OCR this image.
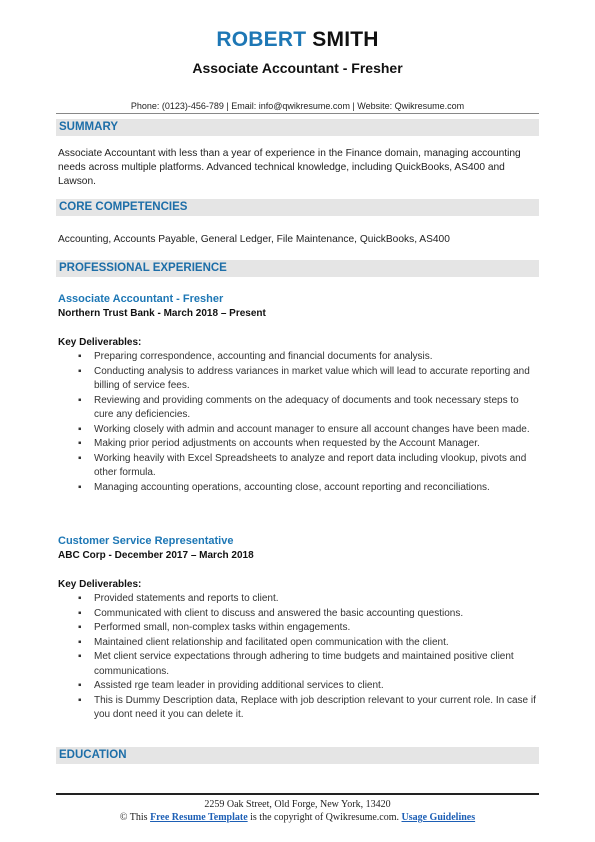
ROBERT SMITH
Associate Accountant - Fresher
Phone: (0123)-456-789 | Email: info@qwikresume.com | Website: Qwikresume.com
SUMMARY
Associate Accountant with less than a year of experience in the Finance domain, managing accounting needs across multiple platforms. Advanced technical knowledge, including QuickBooks, AS400 and Lawson.
CORE COMPETENCIES
Accounting, Accounts Payable, General Ledger, File Maintenance, QuickBooks, AS400
PROFESSIONAL EXPERIENCE
Associate Accountant - Fresher
Northern Trust Bank - March 2018 – Present
Key Deliverables:
▪ Preparing correspondence, accounting and financial documents for analysis.
▪ Conducting analysis to address variances in market value which will lead to accurate reporting and billing of service fees.
▪ Reviewing and providing comments on the adequacy of documents and took necessary steps to cure any deficiencies.
▪ Working closely with admin and account manager to ensure all account changes have been made.
▪ Making prior period adjustments on accounts when requested by the Account Manager.
▪ Working heavily with Excel Spreadsheets to analyze and report data including vlookup, pivots and other formula.
▪ Managing accounting operations, accounting close, account reporting and reconciliations.
Customer Service Representative
ABC Corp - December 2017 – March 2018
Key Deliverables:
▪ Provided statements and reports to client.
▪ Communicated with client to discuss and answered the basic accounting questions.
▪ Performed small, non-complex tasks within engagements.
▪ Maintained client relationship and facilitated open communication with the client.
▪ Met client service expectations through adhering to time budgets and maintained positive client communications.
▪ Assisted rge team leader in providing additional services to client.
▪ This is Dummy Description data, Replace with job description relevant to your current role. In case if you dont need it you can delete it.
EDUCATION
2259 Oak Street, Old Forge, New York, 13420
© This Free Resume Template is the copyright of Qwikresume.com. Usage Guidelines
